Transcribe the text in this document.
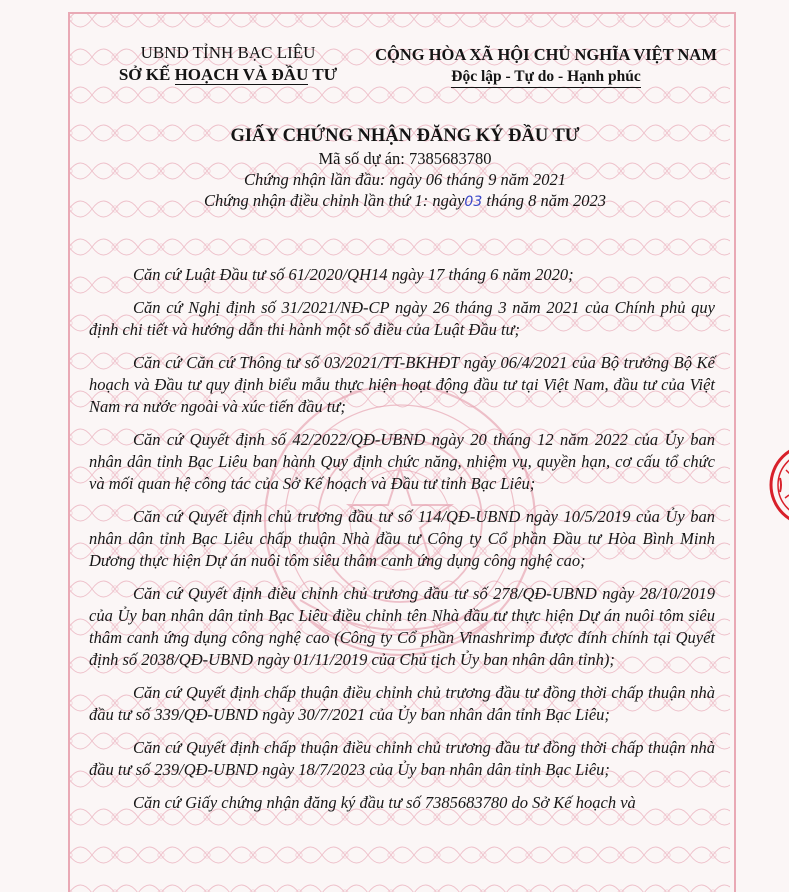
UBND TỈNH BẠC LIÊU
SỞ KẾ HOẠCH VÀ ĐẦU TƯ
CỘNG HÒA XÃ HỘI CHỦ NGHĨA VIỆT NAM
Độc lập - Tự do - Hạnh phúc
GIẤY CHỨNG NHẬN ĐĂNG KÝ ĐẦU TƯ
Mã số dự án: 7385683780
Chứng nhận lần đầu: ngày 06 tháng 9 năm 2021
Chứng nhận điều chỉnh lần thứ 1: ngày03 tháng 8 năm 2023

Căn cứ Luật Đầu tư số 61/2020/QH14 ngày 17 tháng 6 năm 2020;

Căn cứ Nghị định số 31/2021/NĐ-CP ngày 26 tháng 3 năm 2021 của Chính phủ quy định chi tiết và hướng dẫn thi hành một số điều của Luật Đầu tư;

Căn cứ Căn cứ Thông tư số 03/2021/TT-BKHĐT ngày 06/4/2021 của Bộ trưởng Bộ Kế hoạch và Đầu tư quy định biểu mẫu thực hiện hoạt động đầu tư tại Việt Nam, đầu tư của Việt Nam ra nước ngoài và xúc tiến đầu tư;

Căn cứ Quyết định số 42/2022/QĐ-UBND ngày 20 tháng 12 năm 2022 của Ủy ban nhân dân tỉnh Bạc Liêu ban hành Quy định chức năng, nhiệm vụ, quyền hạn, cơ cấu tổ chức và mối quan hệ công tác của Sở Kế hoạch và Đầu tư tỉnh Bạc Liêu;

Căn cứ Quyết định chủ trương đầu tư số 114/QĐ-UBND ngày 10/5/2019 của Ủy ban nhân dân tỉnh Bạc Liêu chấp thuận Nhà đầu tư Công ty Cổ phần Đầu tư Hòa Bình Minh Dương thực hiện Dự án nuôi tôm siêu thâm canh ứng dụng công nghệ cao;

Căn cứ Quyết định điều chỉnh chủ trương đầu tư số 278/QĐ-UBND ngày 28/10/2019 của Ủy ban nhân dân tỉnh Bạc Liêu điều chỉnh tên Nhà đầu tư thực hiện Dự án nuôi tôm siêu thâm canh ứng dụng công nghệ cao (Công ty Cổ phần Vinashrimp được đính chính tại Quyết định số 2038/QĐ-UBND ngày 01/11/2019 của Chủ tịch Ủy ban nhân dân tỉnh);

Căn cứ Quyết định chấp thuận điều chỉnh chủ trương đầu tư đồng thời chấp thuận nhà đầu tư số 339/QĐ-UBND ngày 30/7/2021 của Ủy ban nhân dân tỉnh Bạc Liêu;

Căn cứ Quyết định chấp thuận điều chỉnh chủ trương đầu tư đồng thời chấp thuận nhà đầu tư số 239/QĐ-UBND ngày 18/7/2023 của Ủy ban nhân dân tỉnh Bạc Liêu;

Căn cứ Giấy chứng nhận đăng ký đầu tư số 7385683780 do Sở Kế hoạch và
